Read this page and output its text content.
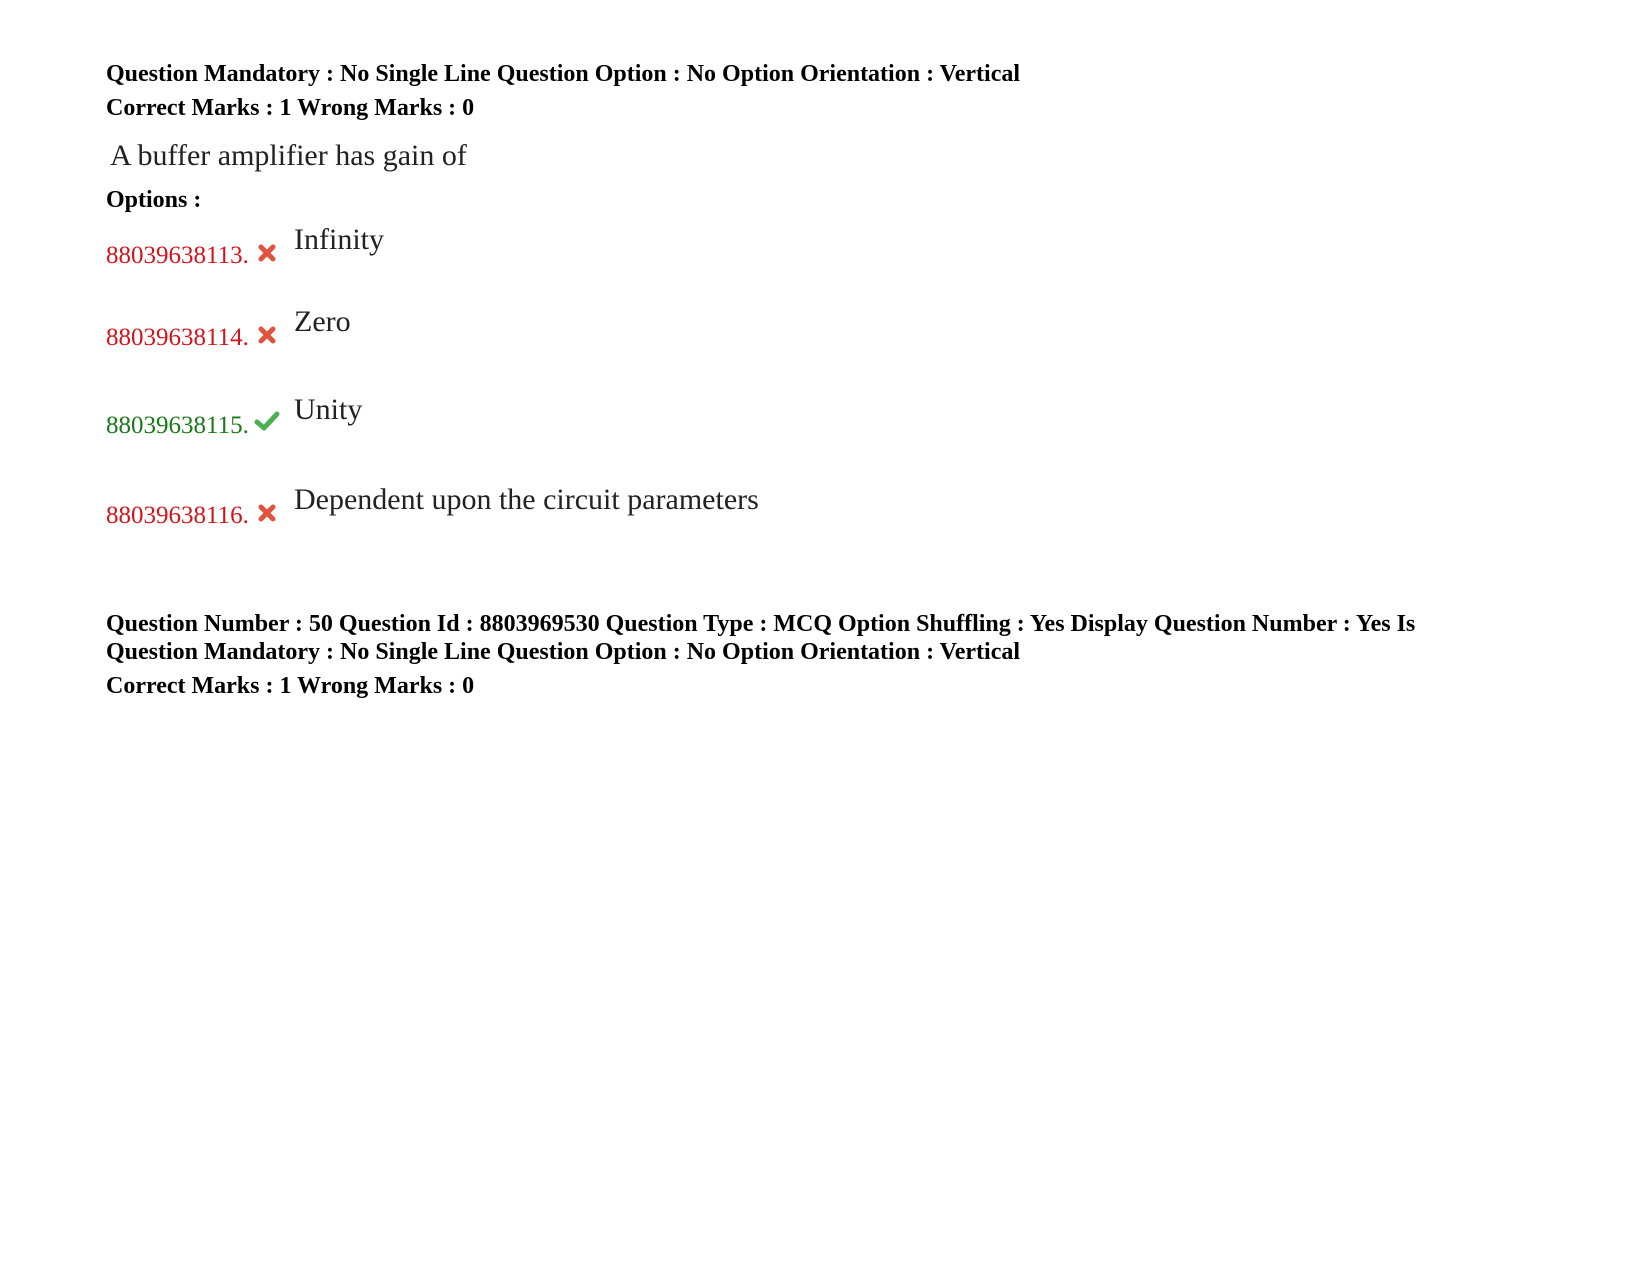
Question Mandatory : No Single Line Question Option : No Option Orientation : Vertical
Correct Marks : 1 Wrong Marks : 0
A buffer amplifier has gain of
Options :
88039638113. Infinity
88039638114. Zero
88039638115. Unity
88039638116. Dependent upon the circuit parameters
Question Number : 50 Question Id : 8803969530 Question Type : MCQ Option Shuffling : Yes Display Question Number : Yes Is
Question Mandatory : No Single Line Question Option : No Option Orientation : Vertical
Correct Marks : 1 Wrong Marks : 0
